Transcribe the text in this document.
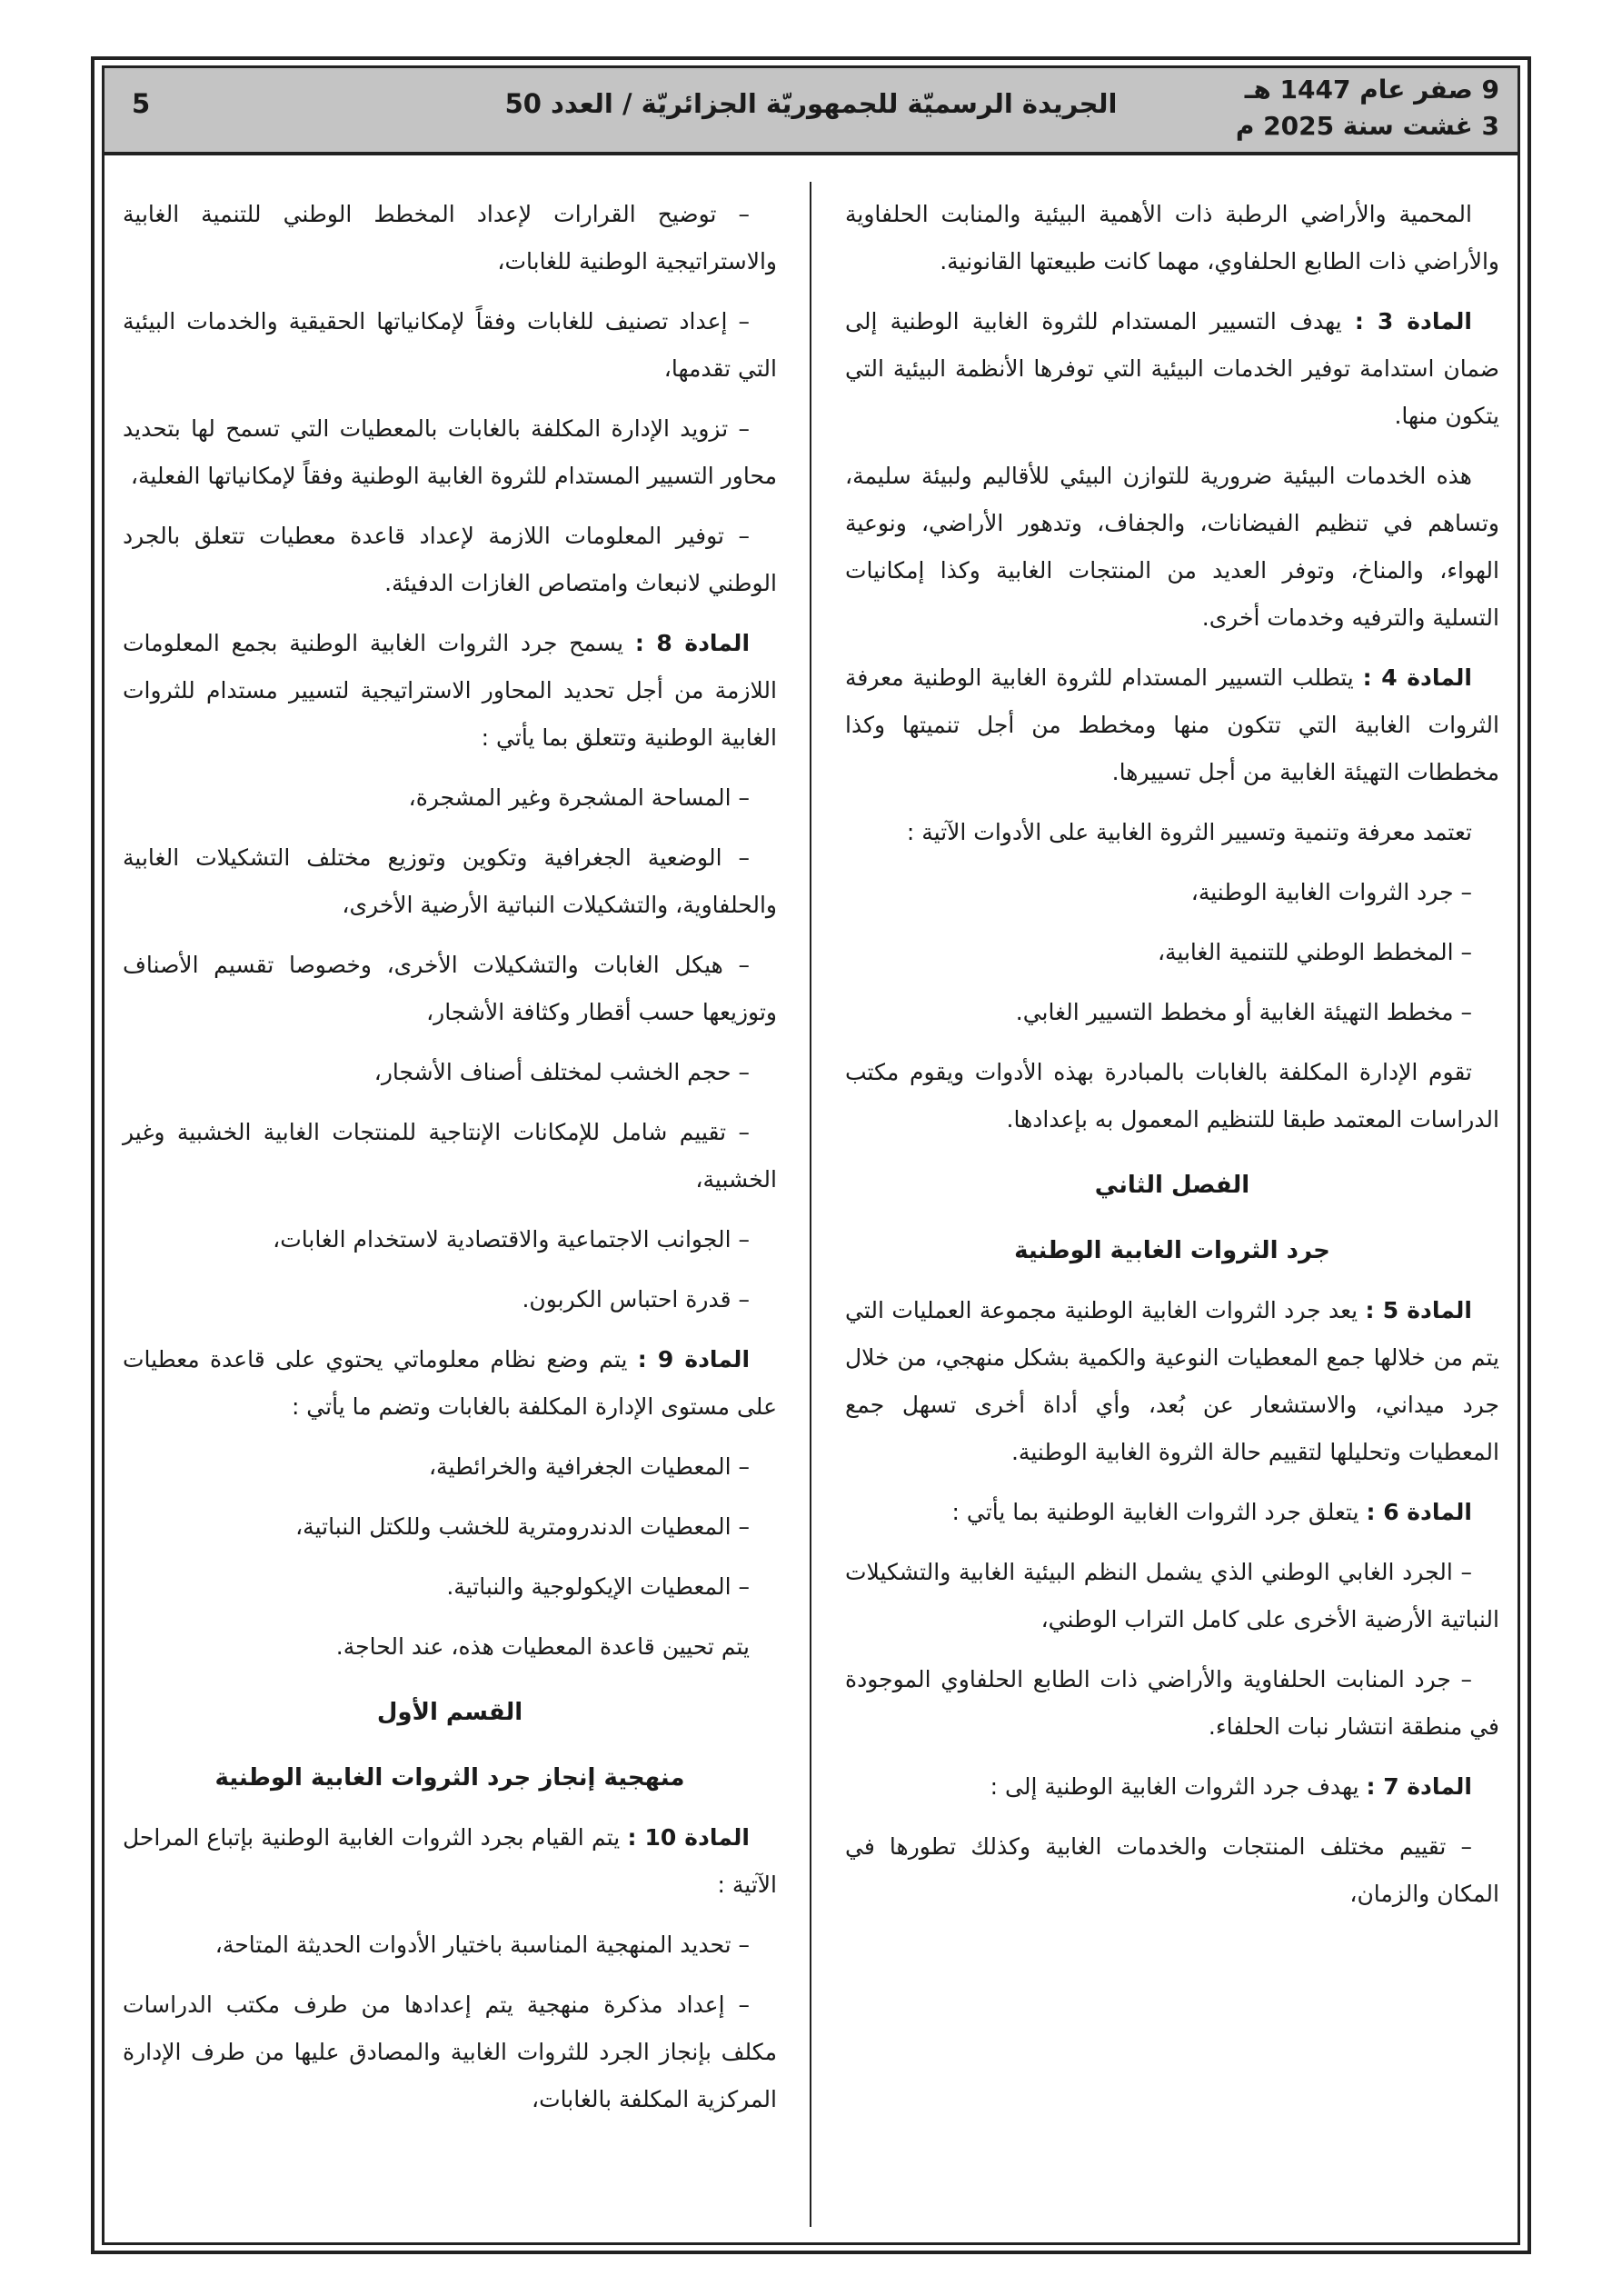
9 صفر عام 1447 هـ
3 غشت سنة 2025 م
الجريدة الرسميّة للجمهوريّة الجزائريّة / العدد 50
5

المحمية والأراضي الرطبة ذات الأهمية البيئية والمنابت الحلفاوية والأراضي ذات الطابع الحلفاوي، مهما كانت طبيعتها القانونية.

المادة 3 : يهدف التسيير المستدام للثروة الغابية الوطنية إلى ضمان استدامة توفير الخدمات البيئية التي توفرها الأنظمة البيئية التي يتكون منها.

هذه الخدمات البيئية ضرورية للتوازن البيئي للأقاليم ولبيئة سليمة، وتساهم في تنظيم الفيضانات، والجفاف، وتدهور الأراضي، ونوعية الهواء، والمناخ، وتوفر العديد من المنتجات الغابية وكذا إمكانيات التسلية والترفيه وخدمات أخرى.

المادة 4 : يتطلب التسيير المستدام للثروة الغابية الوطنية معرفة الثروات الغابية التي تتكون منها ومخطط من أجل تنميتها وكذا مخططات التهيئة الغابية من أجل تسييرها.

تعتمد معرفة وتنمية وتسيير الثروة الغابية على الأدوات الآتية :

– جرد الثروات الغابية الوطنية،

– المخطط الوطني للتنمية الغابية،

– مخطط التهيئة الغابية أو مخطط التسيير الغابي.

تقوم الإدارة المكلفة بالغابات بالمبادرة بهذه الأدوات ويقوم مكتب الدراسات المعتمد طبقا للتنظيم المعمول به بإعدادها.

الفصل الثاني
جرد الثروات الغابية الوطنية

المادة 5 : يعد جرد الثروات الغابية الوطنية مجموعة العمليات التي يتم من خلالها جمع المعطيات النوعية والكمية بشكل منهجي، من خلال جرد ميداني، والاستشعار عن بُعد، وأي أداة أخرى تسهل جمع المعطيات وتحليلها لتقييم حالة الثروة الغابية الوطنية.

المادة 6 : يتعلق جرد الثروات الغابية الوطنية بما يأتي :

– الجرد الغابي الوطني الذي يشمل النظم البيئية الغابية والتشكيلات النباتية الأرضية الأخرى على كامل التراب الوطني،

– جرد المنابت الحلفاوية والأراضي ذات الطابع الحلفاوي الموجودة في منطقة انتشار نبات الحلفاء.

المادة 7 : يهدف جرد الثروات الغابية الوطنية إلى :

– تقييم مختلف المنتجات والخدمات الغابية وكذلك تطورها في المكان والزمان،

– توضيح القرارات لإعداد المخطط الوطني للتنمية الغابية والاستراتيجية الوطنية للغابات،

– إعداد تصنيف للغابات وفقاً لإمكانياتها الحقيقية والخدمات البيئية التي تقدمها،

– تزويد الإدارة المكلفة بالغابات بالمعطيات التي تسمح لها بتحديد محاور التسيير المستدام للثروة الغابية الوطنية وفقاً لإمكانياتها الفعلية،

– توفير المعلومات اللازمة لإعداد قاعدة معطيات تتعلق بالجرد الوطني لانبعاث وامتصاص الغازات الدفيئة.

المادة 8 : يسمح جرد الثروات الغابية الوطنية بجمع المعلومات اللازمة من أجل تحديد المحاور الاستراتيجية لتسيير مستدام للثروات الغابية الوطنية وتتعلق بما يأتي :

– المساحة المشجرة وغير المشجرة،

– الوضعية الجغرافية وتكوين وتوزيع مختلف التشكيلات الغابية والحلفاوية، والتشكيلات النباتية الأرضية الأخرى،

– هيكل الغابات والتشكيلات الأخرى، وخصوصا تقسيم الأصناف وتوزيعها حسب أقطار وكثافة الأشجار،

– حجم الخشب لمختلف أصناف الأشجار،

– تقييم شامل للإمكانات الإنتاجية للمنتجات الغابية الخشبية وغير الخشبية،

– الجوانب الاجتماعية والاقتصادية لاستخدام الغابات،

– قدرة احتباس الكربون.

المادة 9 : يتم وضع نظام معلوماتي يحتوي على قاعدة معطيات على مستوى الإدارة المكلفة بالغابات وتضم ما يأتي :

– المعطيات الجغرافية والخرائطية،

– المعطيات الدندرومترية للخشب وللكتل النباتية،

– المعطيات الإيكولوجية والنباتية.

يتم تحيين قاعدة المعطيات هذه، عند الحاجة.

القسم الأول
منهجية إنجاز جرد الثروات الغابية الوطنية

المادة 10 : يتم القيام بجرد الثروات الغابية الوطنية بإتباع المراحل الآتية :

– تحديد المنهجية المناسبة باختيار الأدوات الحديثة المتاحة،

– إعداد مذكرة منهجية يتم إعدادها من طرف مكتب الدراسات مكلف بإنجاز الجرد للثروات الغابية والمصادق عليها من طرف الإدارة المركزية المكلفة بالغابات،
